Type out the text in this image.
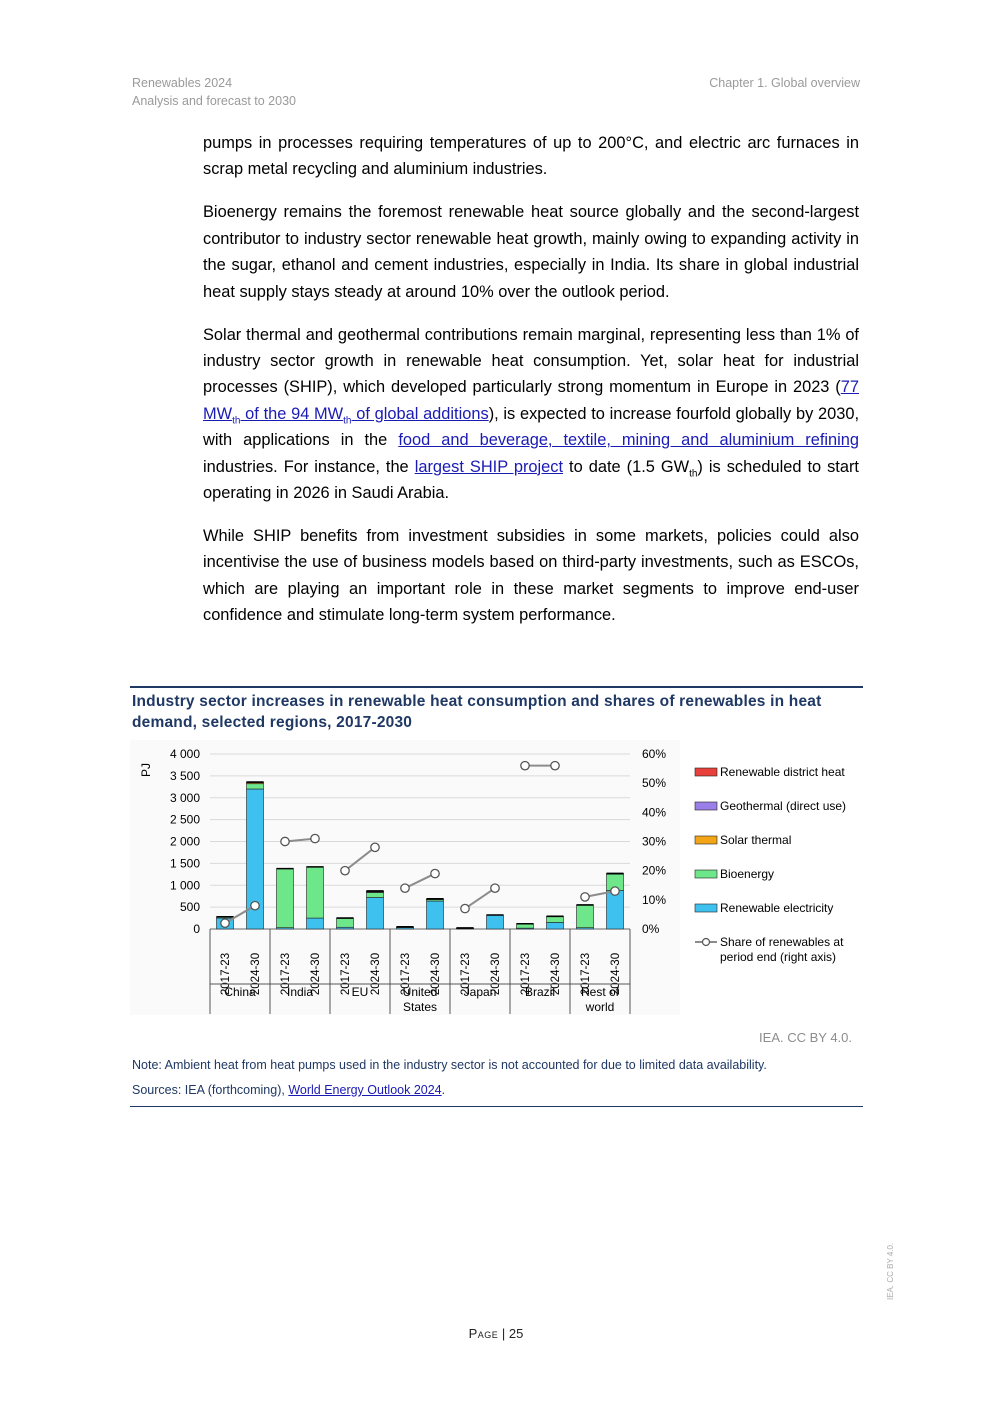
Renewables 2024
Analysis and forecast to 2030
Chapter 1. Global overview

pumps in processes requiring temperatures of up to 200°C, and electric arc furnaces in scrap metal recycling and aluminium industries.

Bioenergy remains the foremost renewable heat source globally and the second-largest contributor to industry sector renewable heat growth, mainly owing to expanding activity in the sugar, ethanol and cement industries, especially in India. Its share in global industrial heat supply stays steady at around 10% over the outlook period.

Solar thermal and geothermal contributions remain marginal, representing less than 1% of industry sector growth in renewable heat consumption. Yet, solar heat for industrial processes (SHIP), which developed particularly strong momentum in Europe in 2023 (77 $MW_{th}$ of the 94 $MW_{th}$ of global additions), is expected to increase fourfold globally by 2030, with applications in the food and beverage, textile, mining and aluminium refining industries. For instance, the largest SHIP project to date (1.5 $GW_{th}$) is scheduled to start operating in 2026 in Saudi Arabia.

While SHIP benefits from investment subsidies in some markets, policies could also incentivise the use of business models based on third-party investments, such as ESCOs, which are playing an important role in these market segments to improve end-user confidence and stimulate long-term system performance.

Industry sector increases in renewable heat consumption and shares of renewables in heat demand, selected regions, 2017-2030
0
500
1 000
1 500
2 000
2 500
3 000
3 500
4 000
0%
10%
20%
30%
40%
50%
60%
PJ
2017-23 2024-30 2017-23 2024-30 2017-23 2024-30 2017-23 2024-30 2017-23 2024-30 2017-23 2024-30 2017-23 2024-30
China	India	EU	United
States
Japan Brazil Rest of
world
Renewable district heat
Geothermal (direct use)
Solar thermal
Bioenergy
Renewable electricity
Share of renewables at
period end (right axis)
IEA. CC BY 4.0.
Note: Ambient heat from heat pumps used in the industry sector is not accounted for due to limited data availability.
Sources: IEA (forthcoming), World Energy Outlook 2024.
Page | 25
IEA. CC BY 4.0.
